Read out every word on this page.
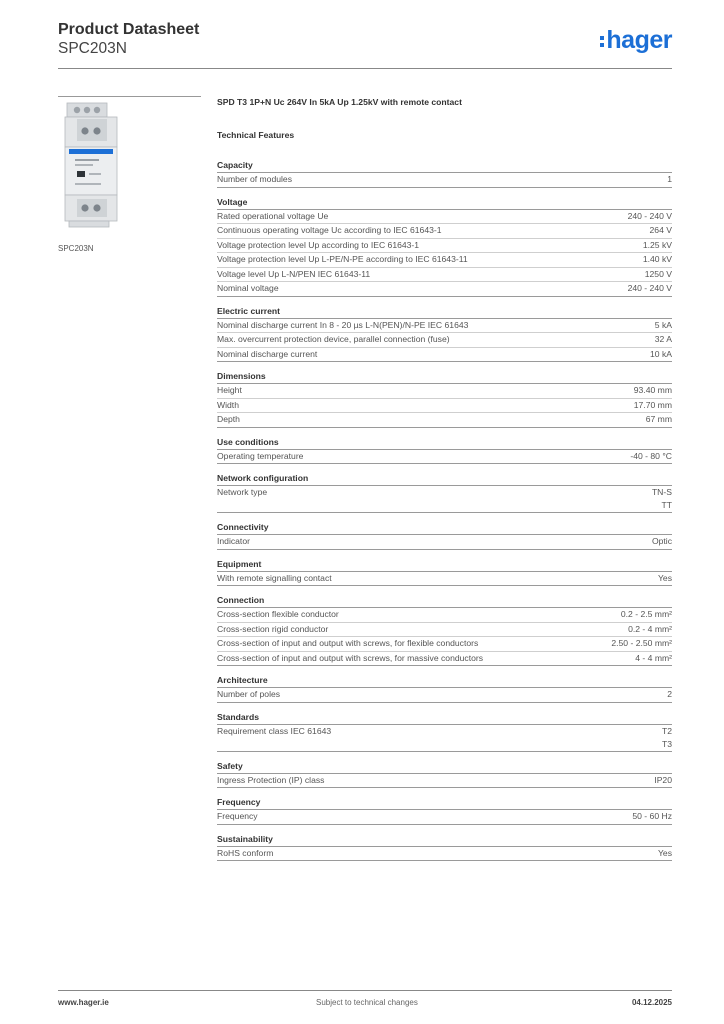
Product Datasheet
SPC203N	hager
SPC203N
SPD T3 1P+N Uc 264V In 5kA Up 1.25kV with remote contact
Technical Features
Capacity
Number of modules	1
Voltage
Rated operational voltage Ue	240 - 240 V
Continuous operating voltage Uc according to IEC 61643-1	264 V
Voltage protection level Up according to IEC 61643-1	1.25 kV
Voltage protection level Up L-PE/N-PE according to IEC 61643-11	1.40 kV
Voltage level Up L-N/PEN IEC 61643-11	1250 V
Nominal voltage	240 - 240 V
Electric current
Nominal discharge current In 8 - 20 µs L-N(PEN)/N-PE IEC 61643	5 kA
Max. overcurrent protection device, parallel connection (fuse)	32 A
Nominal discharge current	10 kA
Dimensions
Height	93.40 mm
Width	17.70 mm
Depth	67 mm
Use conditions
Operating temperature	-40 - 80 °C
Network configuration
Network type	TN-S
TT
Connectivity
Indicator	Optic
Equipment
With remote signalling contact	Yes
Connection
Cross-section flexible conductor	0.2 - 2.5 mm²
Cross-section rigid conductor	0.2 - 4 mm²
Cross-section of input and output with screws, for flexible conductors	2.50 - 2.50 mm²
Cross-section of input and output with screws, for massive conductors	4 - 4 mm²
Architecture
Number of poles	2
Standards
Requirement class IEC 61643	T2
T3
Safety
Ingress Protection (IP) class	IP20
Frequency
Frequency	50 - 60 Hz
Sustainability
RoHS conform	Yes
www.hager.ie	Subject to technical changes	04.12.2025
